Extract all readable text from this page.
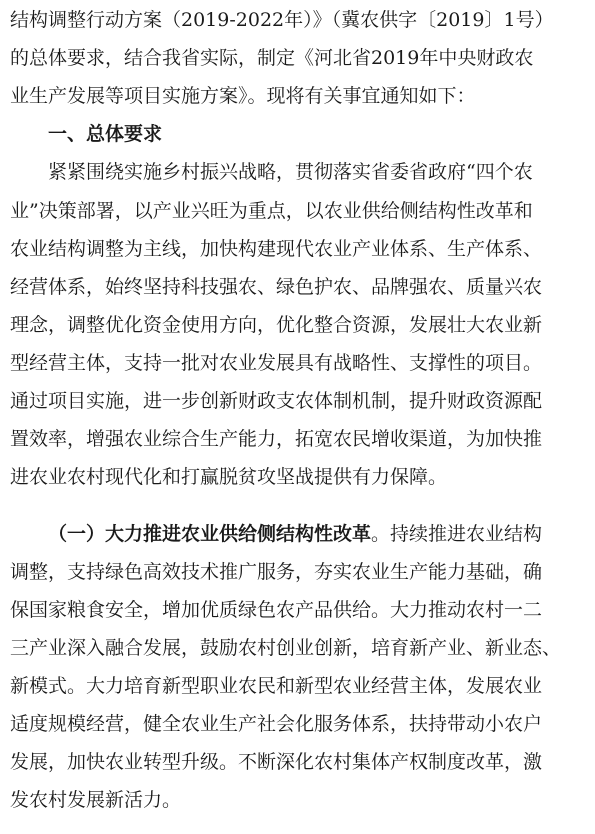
结构调整行动方案（2019-2022年）》（冀农供字〔2019〕1号）
的总体要求，结合我省实际，制定《河北省2019年中央财政农
业生产发展等项目实施方案》。现将有关事宜通知如下：
一、总体要求
紧紧围绕实施乡村振兴战略，贯彻落实省委省政府“四个农
业”决策部署，以产业兴旺为重点，以农业供给侧结构性改革和
农业结构调整为主线，加快构建现代农业产业体系、生产体系、
经营体系，始终坚持科技强农、绿色护农、品牌强农、质量兴农
理念，调整优化资金使用方向，优化整合资源，发展壮大农业新
型经营主体，支持一批对农业发展具有战略性、支撑性的项目。
通过项目实施，进一步创新财政支农体制机制，提升财政资源配
置效率，增强农业综合生产能力，拓宽农民增收渠道，为加快推
进农业农村现代化和打赢脱贫攻坚战提供有力保障。
（一）大力推进农业供给侧结构性改革。持续推进农业结构
调整，支持绿色高效技术推广服务，夯实农业生产能力基础，确
保国家粮食安全，增加优质绿色农产品供给。大力推动农村一二
三产业深入融合发展，鼓励农村创业创新，培育新产业、新业态、
新模式。大力培育新型职业农民和新型农业经营主体，发展农业
适度规模经营，健全农业生产社会化服务体系，扶持带动小农户
发展，加快农业转型升级。不断深化农村集体产权制度改革，激
发农村发展新活力。
